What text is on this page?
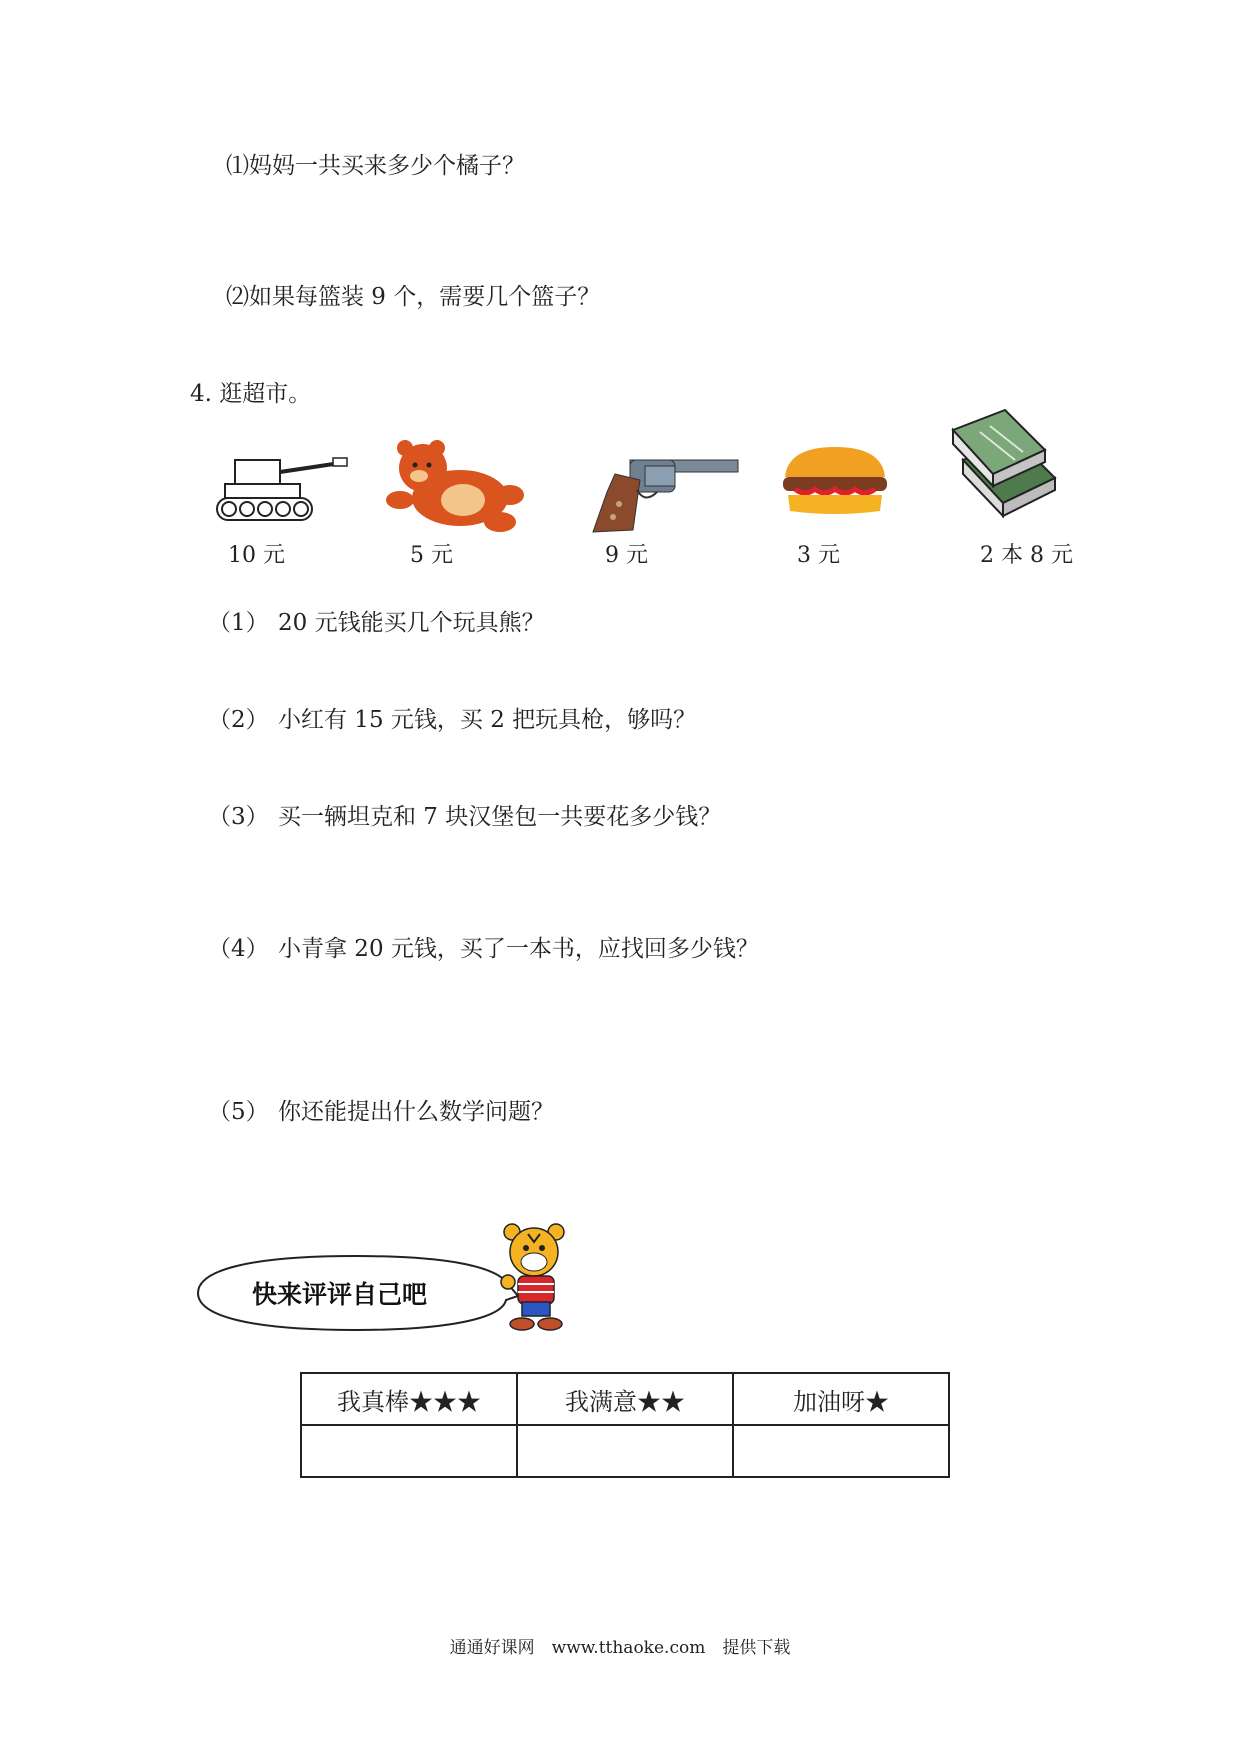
⑴妈妈一共买来多少个橘子？
⑵如果每篮装 9 个，需要几个篮子？
4. 逛超市。
10 元	5 元	9 元	3 元	2 本 8 元
（1） 20 元钱能买几个玩具熊？
（2） 小红有 15 元钱，买 2 把玩具枪，够吗？
（3） 买一辆坦克和 7 块汉堡包一共要花多少钱？
（4） 小青拿 20 元钱，买了一本书，应找回多少钱？
（5） 你还能提出什么数学问题？
快来评评自己吧
我真棒★★★	我满意★★	加油呀★

通通好课网　www.tthaoke.com　提供下载
